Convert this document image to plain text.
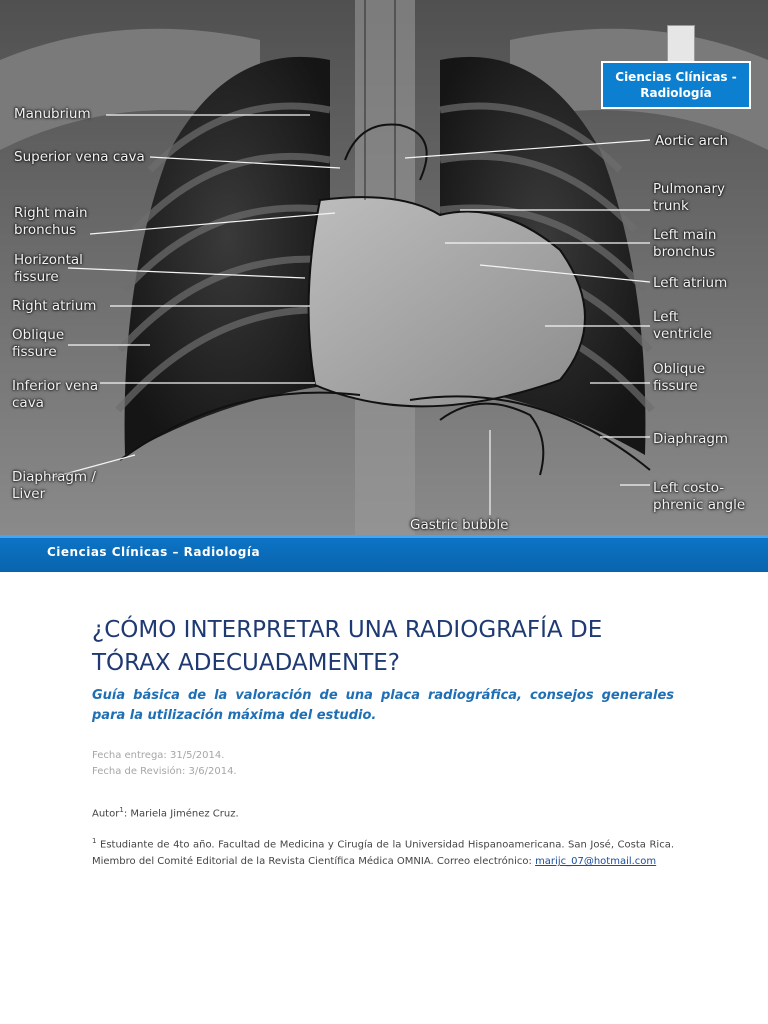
Manubrium
Superior vena cava
Right main
bronchus
Horizontal
fissure
Right atrium
Oblique
fissure
Inferior vena
cava
Diaphragm /
Liver
Aortic arch
Pulmonary
trunk
Left main
bronchus
Left atrium
Left
ventricle
Oblique
fissure
Diaphragm
Left costo-
phrenic angle
Gastric bubble
Ciencias Clínicas -
Radiología
Ciencias Clínicas – Radiología
¿CÓMO INTERPRETAR UNA RADIOGRAFÍA DE
TÓRAX ADECUADAMENTE?

Guía básica de la valoración de una placa radiográfica, consejos generales para la utilización máxima del estudio.

Fecha entrega: 31/5/2014.
Fecha de Revisión: 3/6/2014.
Autor$^1$: Mariela Jiménez Cruz.
$^1$ Estudiante de 4to año. Facultad de Medicina y Cirugía de la Universidad Hispanoamericana. San José, Costa Rica. Miembro del Comité Editorial de la Revista Científica Médica OMNIA. Correo electrónico: marijc_07@hotmail.com
